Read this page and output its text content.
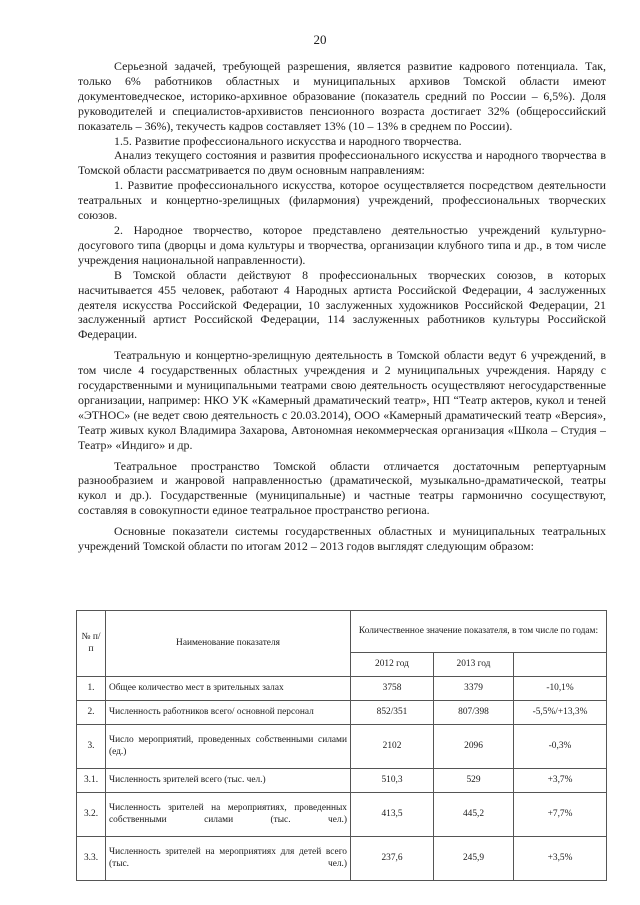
20

Серьезной задачей, требующей разрешения, является развитие кадрового потенциала. Так, только 6% работников областных и муниципальных архивов Томской области имеют документоведческое, историко-архивное образование (показатель средний по России – 6,5%). Доля руководителей и специалистов-архивистов пенсионного возраста достигает 32% (общероссийский показатель – 36%), текучесть кадров составляет 13% (10 – 13% в среднем по России).

1.5. Развитие профессионального искусства и народного творчества.

Анализ текущего состояния и развития профессионального искусства и народного творчества в Томской области рассматривается по двум основным направлениям:

1. Развитие профессионального искусства, которое осуществляется посредством деятельности театральных и концертно-зрелищных (филармония) учреждений, профессиональных творческих союзов.

2. Народное творчество, которое представлено деятельностью учреждений культурно-досугового типа (дворцы и дома культуры и творчества, организации клубного типа и др., в том числе учреждения национальной направленности).

В Томской области действуют 8 профессиональных творческих союзов, в которых насчитывается 455 человек, работают 4 Народных артиста Российской Федерации, 4 заслуженных деятеля искусства Российской Федерации, 10 заслуженных художников Российской Федерации, 21 заслуженный артист Российской Федерации, 114 заслуженных работников культуры Российской Федерации.

Театральную и концертно-зрелищную деятельность в Томской области ведут 6 учреждений, в том числе 4 государственных областных учреждения и 2 муниципальных учреждения. Наряду с государственными и муниципальными театрами свою деятельность осуществляют негосударственные организации, например: НКО УК «Камерный драматический театр», НП “Театр актеров, кукол и теней «ЭТНОС» (не ведет свою деятельность с 20.03.2014), ООО «Камерный драматический театр «Версия», Театр живых кукол Владимира Захарова, Автономная некоммерческая организация «Школа – Студия – Театр» «Индиго» и др.

Театральное пространство Томской области отличается достаточным репертуарным разнообразием и жанровой направленностью (драматической, музыкально-драматической, театры кукол и др.). Государственные (муниципальные) и частные театры гармонично сосуществуют, составляя в совокупности единое театральное пространство региона.

Основные показатели системы государственных областных и муниципальных театральных учреждений Томской области по итогам 2012 – 2013 годов выглядят следующим образом:

№ п/п	Наименование показателя	Количественное значение показателя, в том числе по годам:		
		2012 год	2013 год	
1.	Общее количество мест в зрительных залах	3758	3379	-10,1%
2.	Численность работников всего/ основной персонал	852/351	807/398	-5,5%/+13,3%
3.	Число мероприятий, проведенных собственными силами (ед.)	2102	2096	-0,3%
3.1.	Численность зрителей всего (тыс. чел.)	510,3	529	+3,7%
3.2.	Численность зрителей на мероприятиях, проведенных собственными силами (тыс. чел.)	413,5	445,2	+7,7%
3.3.	Численность зрителей на мероприятиях для детей всего (тыс. чел.)	237,6	245,9	+3,5%
